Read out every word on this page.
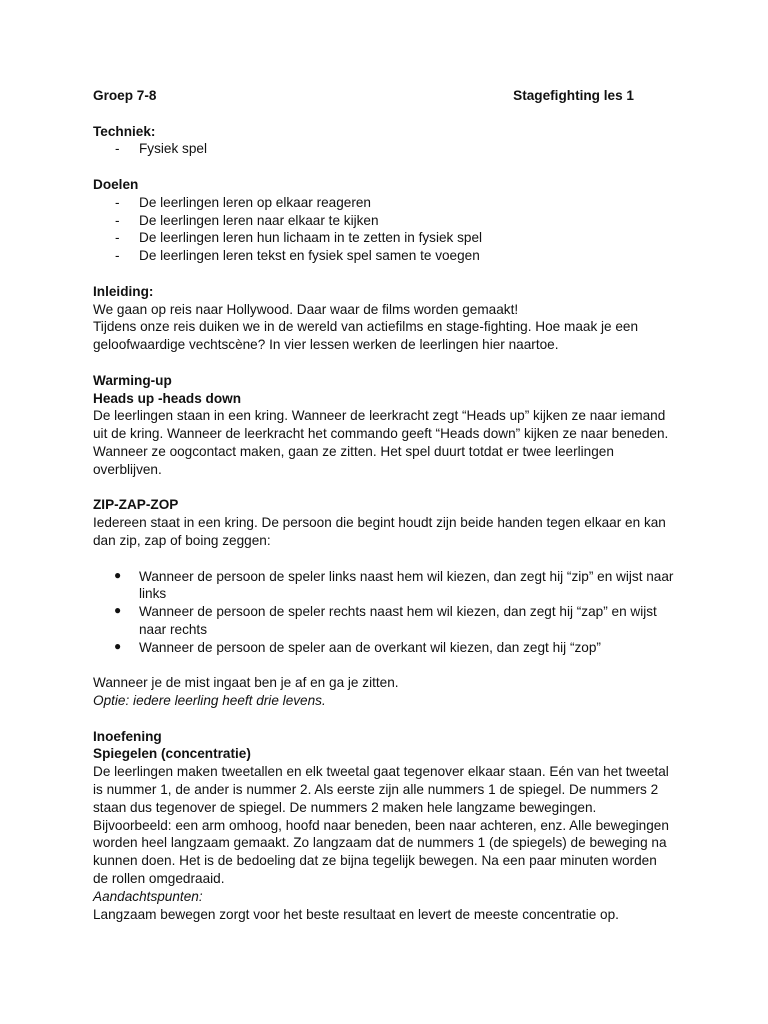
Groep 7-8	Stagefighting les 1
Techniek:
- Fysiek spel
Doelen
- De leerlingen leren op elkaar reageren
- De leerlingen leren naar elkaar te kijken
- De leerlingen leren hun lichaam in te zetten in fysiek spel
- De leerlingen leren tekst en fysiek spel samen te voegen
Inleiding:

We gaan op reis naar Hollywood. Daar waar de films worden gemaakt!

Tijdens onze reis duiken we in de wereld van actiefilms en stage-fighting. Hoe maak je een geloofwaardige vechtscène? In vier lessen werken de leerlingen hier naartoe.

Warming-up
Heads up -heads down

De leerlingen staan in een kring. Wanneer de leerkracht zegt “Heads up” kijken ze naar iemand uit de kring. Wanneer de leerkracht het commando geeft “Heads down” kijken ze naar beneden. Wanneer ze oogcontact maken, gaan ze zitten. Het spel duurt totdat er twee leerlingen overblijven.

ZIP-ZAP-ZOP

Iedereen staat in een kring. De persoon die begint houdt zijn beide handen tegen elkaar en kan dan zip, zap of boing zeggen:

● Wanneer de persoon de speler links naast hem wil kiezen, dan zegt hij “zip” en wijst naar links
● Wanneer de persoon de speler rechts naast hem wil kiezen, dan zegt hij “zap” en wijst naar rechts
● Wanneer de persoon de speler aan de overkant wil kiezen, dan zegt hij “zop”

Wanneer je de mist ingaat ben je af en ga je zitten.

Optie: iedere leerling heeft drie levens.

Inoefening
Spiegelen (concentratie)

De leerlingen maken tweetallen en elk tweetal gaat tegenover elkaar staan. Eén van het tweetal is nummer 1, de ander is nummer 2. Als eerste zijn alle nummers 1 de spiegel. De nummers 2 staan dus tegenover de spiegel. De nummers 2 maken hele langzame bewegingen. Bijvoorbeeld: een arm omhoog, hoofd naar beneden, been naar achteren, enz. Alle bewegingen worden heel langzaam gemaakt. Zo langzaam dat de nummers 1 (de spiegels) de beweging na kunnen doen. Het is de bedoeling dat ze bijna tegelijk bewegen. Na een paar minuten worden de rollen omgedraaid.

Aandachtspunten:

Langzaam bewegen zorgt voor het beste resultaat en levert de meeste concentratie op.
